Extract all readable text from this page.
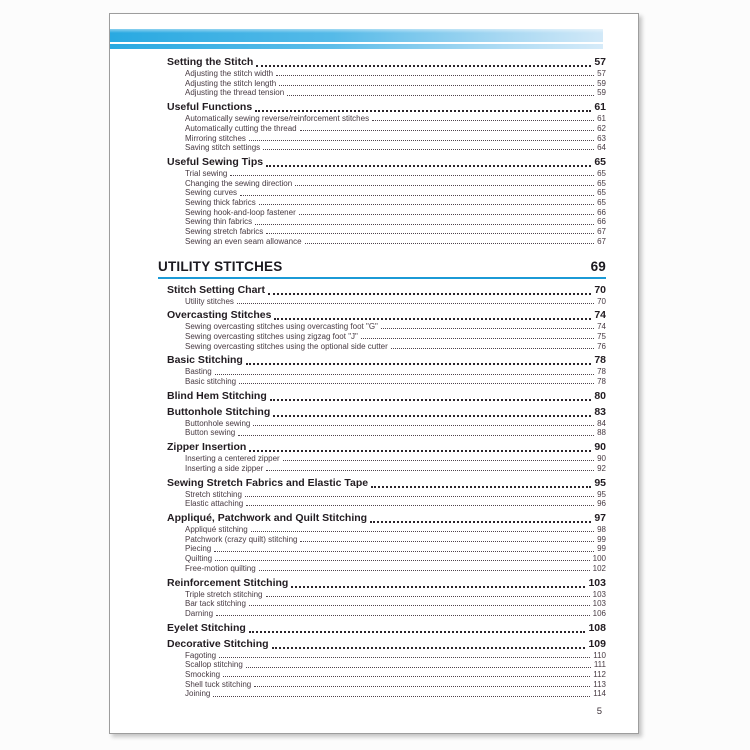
Setting the Stitch	57
Adjusting the stitch width	57
Adjusting the stitch length	59
Adjusting the thread tension	59
Useful Functions	61
Automatically sewing reverse/reinforcement stitches	61
Automatically cutting the thread	62
Mirroring stitches	63
Saving stitch settings	64
Useful Sewing Tips	65
Trial sewing	65
Changing the sewing direction	65
Sewing curves	65
Sewing thick fabrics	65
Sewing hook-and-loop fastener	66
Sewing thin fabrics	66
Sewing stretch fabrics	67
Sewing an even seam allowance	67
UTILITY STITCHES	69
Stitch Setting Chart	70
Utility stitches	70
Overcasting Stitches	74
Sewing overcasting stitches using overcasting foot "G"	74
Sewing overcasting stitches using zigzag foot "J"	75
Sewing overcasting stitches using the optional side cutter	76
Basic Stitching	78
Basting	78
Basic stitching	78
Blind Hem Stitching	80
Buttonhole Stitching	83
Buttonhole sewing	84
Button sewing	88
Zipper Insertion	90
Inserting a centered zipper	90
Inserting a side zipper	92
Sewing Stretch Fabrics and Elastic Tape	95
Stretch stitching	95
Elastic attaching	96
Appliqué, Patchwork and Quilt Stitching	97
Appliqué stitching	98
Patchwork (crazy quilt) stitching	99
Piecing	99
Quilting	100
Free-motion quilting	102
Reinforcement Stitching	103
Triple stretch stitching	103
Bar tack stitching	103
Darning	106
Eyelet Stitching	108
Decorative Stitching	109
Fagoting	110
Scallop stitching	111
Smocking	112
Shell tuck stitching	113
Joining	114
5
